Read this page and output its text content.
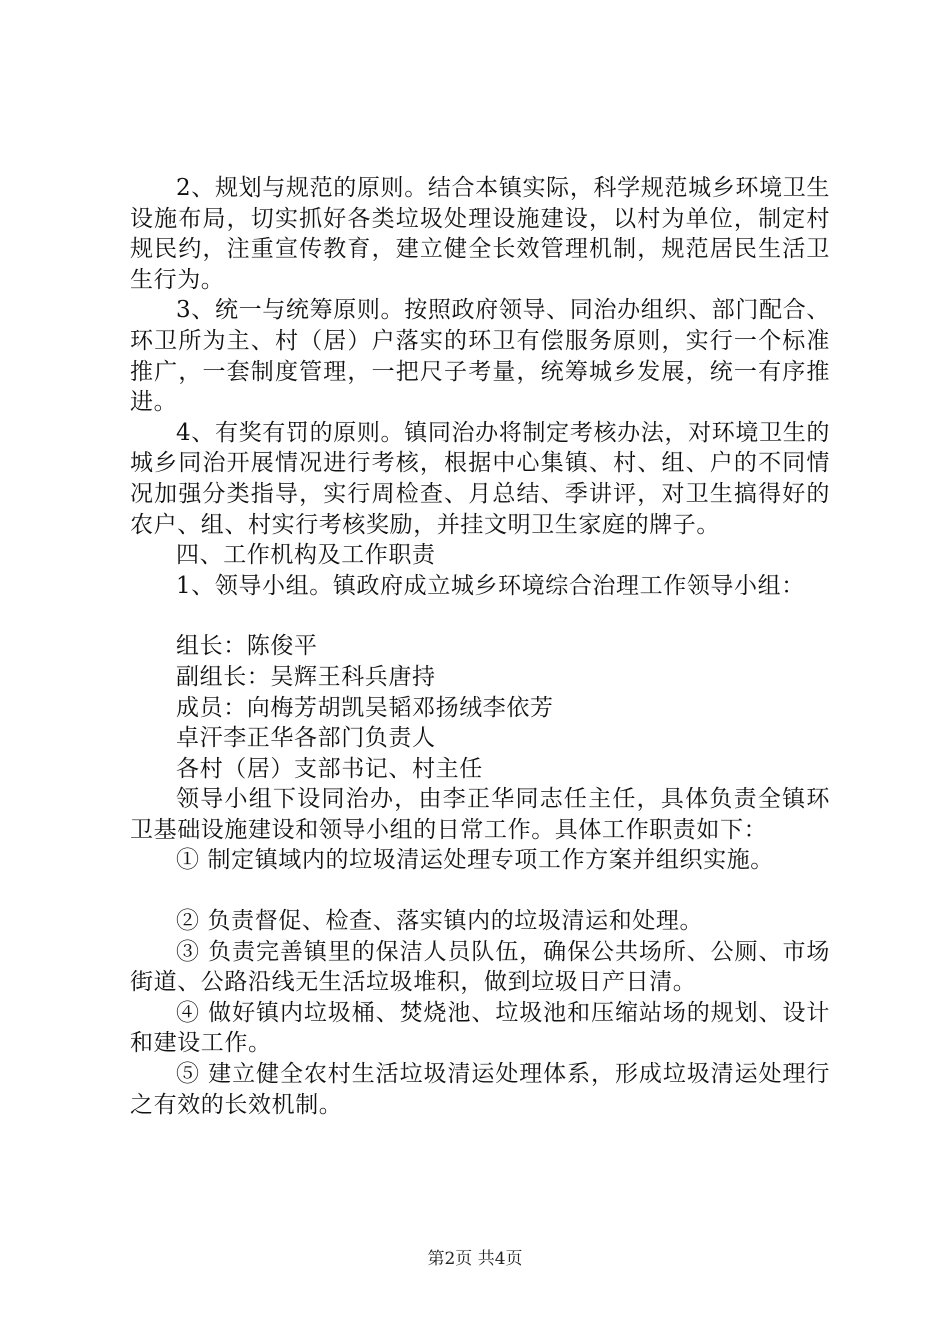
2、规划与规范的原则。结合本镇实际，科学规范城乡环境卫生设施布局，切实抓好各类垃圾处理设施建设，以村为单位，制定村规民约，注重宣传教育，建立健全长效管理机制，规范居民生活卫生行为。

3、统一与统筹原则。按照政府领导、同治办组织、部门配合、环卫所为主、村（居）户落实的环卫有偿服务原则，实行一个标准推广，一套制度管理，一把尺子考量，统筹城乡发展，统一有序推进。

4、有奖有罚的原则。镇同治办将制定考核办法，对环境卫生的城乡同治开展情况进行考核，根据中心集镇、村、组、户的不同情况加强分类指导，实行周检查、月总结、季讲评，对卫生搞得好的农户、组、村实行考核奖励，并挂文明卫生家庭的牌子。

四、工作机构及工作职责

1、领导小组。镇政府成立城乡环境综合治理工作领导小组：

组长：陈俊平

副组长：吴辉王科兵唐持

成员：向梅芳胡凯吴韬邓扬绒李依芳

卓汗李正华各部门负责人

各村（居）支部书记、村主任

领导小组下设同治办，由李正华同志任主任，具体负责全镇环卫基础设施建设和领导小组的日常工作。具体工作职责如下：

① 制定镇域内的垃圾清运处理专项工作方案并组织实施。

② 负责督促、检查、落实镇内的垃圾清运和处理。

③ 负责完善镇里的保洁人员队伍，确保公共场所、公厕、市场街道、公路沿线无生活垃圾堆积，做到垃圾日产日清。

④ 做好镇内垃圾桶、焚烧池、垃圾池和压缩站场的规划、设计和建设工作。

⑤ 建立健全农村生活垃圾清运处理体系，形成垃圾清运处理行之有效的长效机制。

第2页 共4页
